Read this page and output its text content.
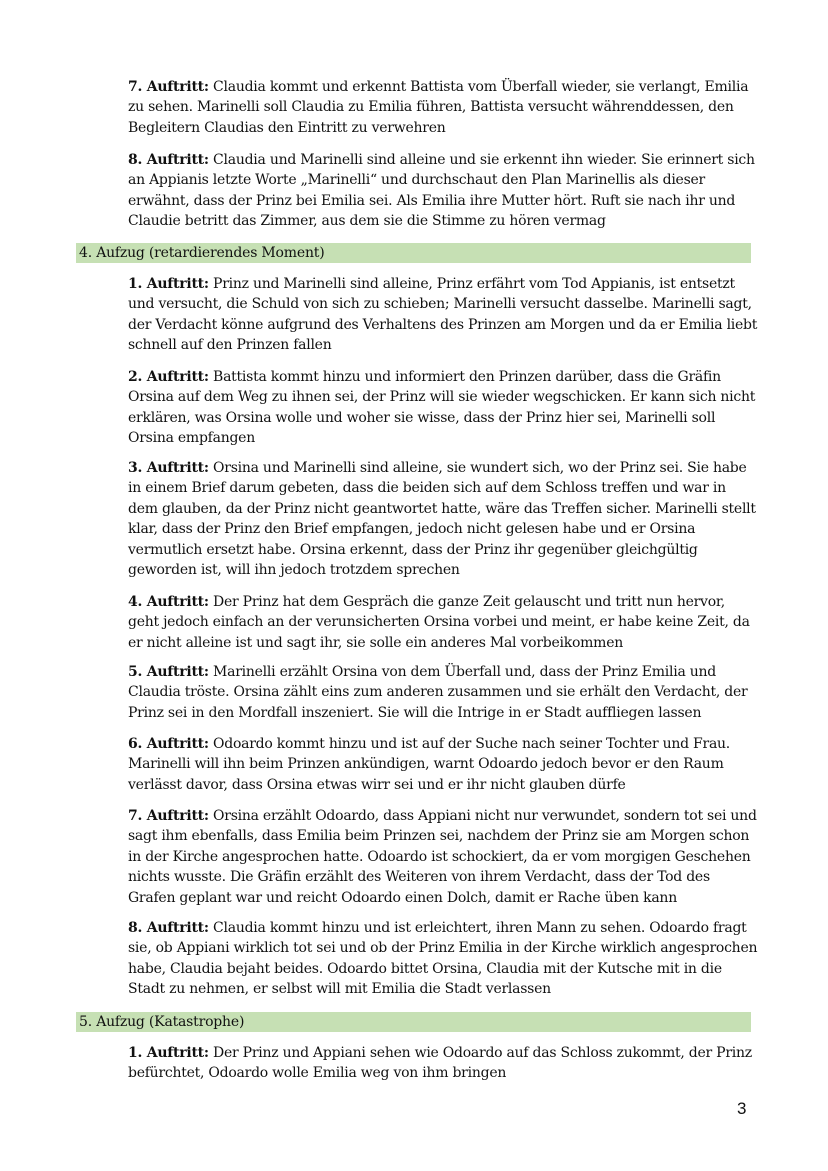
7. Auftritt: Claudia kommt und erkennt Battista vom Überfall wieder, sie verlangt, Emilia zu sehen. Marinelli soll Claudia zu Emilia führen, Battista versucht währenddessen, den Begleitern Claudias den Eintritt zu verwehren

8. Auftritt: Claudia und Marinelli sind alleine und sie erkennt ihn wieder. Sie erinnert sich an Appianis letzte Worte „Marinelli“ und durchschaut den Plan Marinellis als dieser erwähnt, dass der Prinz bei Emilia sei. Als Emilia ihre Mutter hört. Ruft sie nach ihr und Claudie betritt das Zimmer, aus dem sie die Stimme zu hören vermag

4. Aufzug (retardierendes Moment)

1. Auftritt: Prinz und Marinelli sind alleine, Prinz erfährt vom Tod Appianis, ist entsetzt und versucht, die Schuld von sich zu schieben; Marinelli versucht dasselbe. Marinelli sagt, der Verdacht könne aufgrund des Verhaltens des Prinzen am Morgen und da er Emilia liebt schnell auf den Prinzen fallen

2. Auftritt: Battista kommt hinzu und informiert den Prinzen darüber, dass die Gräfin Orsina auf dem Weg zu ihnen sei, der Prinz will sie wieder wegschicken. Er kann sich nicht erklären, was Orsina wolle und woher sie wisse, dass der Prinz hier sei, Marinelli soll Orsina empfangen

3. Auftritt: Orsina und Marinelli sind alleine, sie wundert sich, wo der Prinz sei. Sie habe in einem Brief darum gebeten, dass die beiden sich auf dem Schloss treffen und war in dem glauben, da der Prinz nicht geantwortet hatte, wäre das Treffen sicher. Marinelli stellt klar, dass der Prinz den Brief empfangen, jedoch nicht gelesen habe und er Orsina vermutlich ersetzt habe. Orsina erkennt, dass der Prinz ihr gegenüber gleichgültig geworden ist, will ihn jedoch trotzdem sprechen

4. Auftritt: Der Prinz hat dem Gespräch die ganze Zeit gelauscht und tritt nun hervor, geht jedoch einfach an der verunsicherten Orsina vorbei und meint, er habe keine Zeit, da er nicht alleine ist und sagt ihr, sie solle ein anderes Mal vorbeikommen

5. Auftritt: Marinelli erzählt Orsina von dem Überfall und, dass der Prinz Emilia und Claudia tröste. Orsina zählt eins zum anderen zusammen und sie erhält den Verdacht, der Prinz sei in den Mordfall inszeniert. Sie will die Intrige in er Stadt auffliegen lassen

6. Auftritt: Odoardo kommt hinzu und ist auf der Suche nach seiner Tochter und Frau. Marinelli will ihn beim Prinzen ankündigen, warnt Odoardo jedoch bevor er den Raum verlässt davor, dass Orsina etwas wirr sei und er ihr nicht glauben dürfe

7. Auftritt: Orsina erzählt Odoardo, dass Appiani nicht nur verwundet, sondern tot sei und sagt ihm ebenfalls, dass Emilia beim Prinzen sei, nachdem der Prinz sie am Morgen schon in der Kirche angesprochen hatte. Odoardo ist schockiert, da er vom morgigen Geschehen nichts wusste. Die Gräfin erzählt des Weiteren von ihrem Verdacht, dass der Tod des Grafen geplant war und reicht Odoardo einen Dolch, damit er Rache üben kann

8. Auftritt: Claudia kommt hinzu und ist erleichtert, ihren Mann zu sehen. Odoardo fragt sie, ob Appiani wirklich tot sei und ob der Prinz Emilia in der Kirche wirklich angesprochen habe, Claudia bejaht beides. Odoardo bittet Orsina, Claudia mit der Kutsche mit in die Stadt zu nehmen, er selbst will mit Emilia die Stadt verlassen

5. Aufzug (Katastrophe)

1. Auftritt: Der Prinz und Appiani sehen wie Odoardo auf das Schloss zukommt, der Prinz befürchtet, Odoardo wolle Emilia weg von ihm bringen

3
